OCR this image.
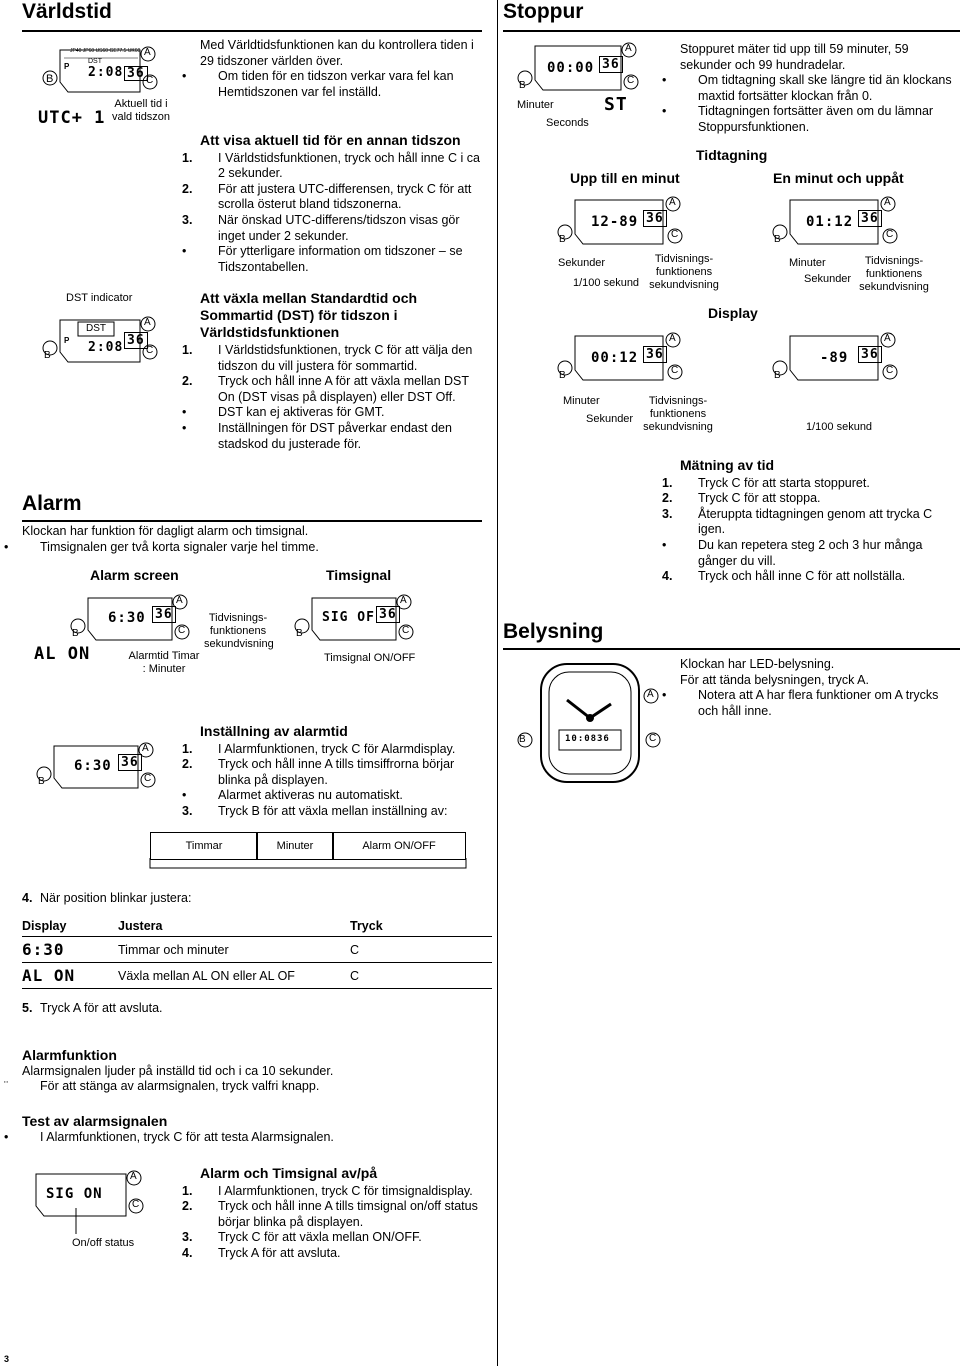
Världstid
B	2:08 36
JP40 JP60 US60 GE77.5 UK60 A
C
DST
P
UTC+ 1
Aktuell tid i vald tidszon
DST indicator
DST
2:08 36
P
B
A
C
Med Världtidsfunktionen kan du kontrollera tiden i 29 tidszoner världen över.
•	Om tiden för en tidszon verkar vara fel kan Hemtidszonen var fel inställd.
Att visa aktuell tid för en annan tidszon
1. I Världstidsfunktionen, tryck och håll inne C i ca 2 sekunder.
2. För att justera UTC-differensen, tryck C för att scrolla österut bland tidszonerna.
3. När önskad UTC-differens/tidszon visas gör inget under 2 sekunder.
•	För ytterligare information om tidszoner – se Tidszontabellen.
Att växla mellan Standardtid och Sommartid (DST) för tidszon i Världstidsfunktionen
1. I Världstidsfunktionen, tryck C för att välja den tidszon du vill justera för sommartid.
2. Tryck och håll inne A för att växla mellan DST On (DST visas på displayen) eller DST Off.
•	DST kan ej aktiveras för GMT.
•	Inställningen för DST påverkar endast den stadskod du justerade för.
Alarm
Klockan har funktion för dagligt alarm och timsignal.
•	Timsignalen ger två korta signaler varje hel timme.
Alarm screen	Timsignal
6:30 36
B
A
C
AL ON
Tidvisnings-funktionens sekundvisning
Alarmtid Timar : Minuter
SIG OF 36
B
A
C
Timsignal ON/OFF
6:30 36
B
A
C
Inställning av alarmtid
1. I Alarmfunktionen, tryck C för Alarmdisplay.
2. Tryck och håll inne A tills timsiffrorna börjar blinka på displayen.
•	Alarmet aktiveras nu automatiskt.
3. Tryck B för att växla mellan inställning av:
Timmar	Minuter	Alarm ON/OFF
4. När position blinkar justera:
Display	Justera	Tryck
6:30	Timmar och minuter	C
AL ON	Växla mellan AL ON eller AL OF	C
5. Tryck A för att avsluta.
Alarmfunktion
Alarmsignalen ljuder på inställd tid och i ca 10 sekunder.
¨	För att stänga av alarmsignalen, tryck valfri knapp.
Test av alarmsignalen
•	I Alarmfunktionen, tryck C för att testa Alarmsignalen.
SIG ON
A
C
On/off status
Alarm och Timsignal av/på
1. I Alarmfunktionen, tryck C för timsignaldisplay.
2. Tryck och håll inne A tills timsignal on/off status börjar blinka på displayen.
3. Tryck C för att växla mellan ON/OFF.
4. Tryck A för att avsluta.
Stoppur
00:00 36
B
A
C
ST
Minuter
Seconds
Stoppuret mäter tid upp till 59 minuter, 59 sekunder och 99 hundradelar.
•	Om tidtagning skall ske längre tid än klockans maxtid fortsätter klockan från 0.
•	Tidtagningen fortsätter även om du lämnar Stoppursfunktionen.
Tidtagning
Upp till en minut	En minut och uppåt
12-89 36
B
A
C
Sekunder
1/100 sekund
Tidvisnings-funktionens sekundvisning
01:12 36
B
A
C
Minuter
Sekunder
Tidvisnings-funktionens sekundvisning
Display
00:12 36
B
A
C
Minuter
Sekunder
Tidvisnings-funktionens sekundvisning
-89 36
B
A
C
1/100 sekund
Mätning av tid
1. Tryck C för att starta stoppuret.
2. Tryck C för att stoppa.
3. Återuppta tidtagningen genom att trycka C igen.
•	Du kan repetera steg 2 och 3 hur många gånger du vill.
4. Tryck och håll inne C för att nollställa.
Belysning
10:08 36
B
A
C
Klockan har LED-belysning.
För att tända belysningen, tryck A.
•	Notera att A har flera funktioner om A trycks och håll inne.
3
